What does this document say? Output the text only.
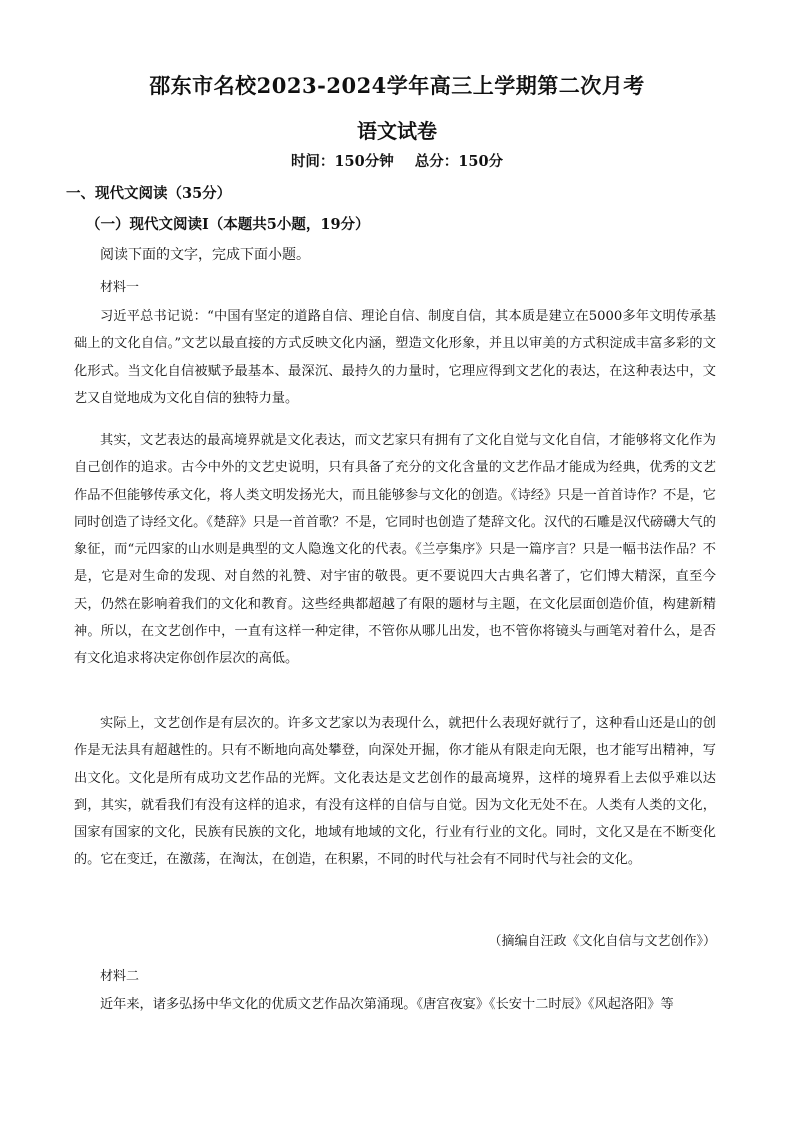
邵东市名校2023-2024学年高三上学期第二次月考
语文试卷
时间：150分钟 总分：150分
一、现代文阅读（35分）
（一）现代文阅读Ⅰ（本题共5小题，19分）
阅读下面的文字，完成下面小题。
材料一
习近平总书记说：“中国有坚定的道路自信、理论自信、制度自信，其本质是建立在5000多年文明传承基础上的文化自信。”文艺以最直接的方式反映文化内涵，塑造文化形象，并且以审美的方式积淀成丰富多彩的文化形式。当文化自信被赋予最基本、最深沉、最持久的力量时，它理应得到文艺化的表达，在这种表达中，文艺又自觉地成为文化自信的独特力量。
其实，文艺表达的最高境界就是文化表达，而文艺家只有拥有了文化自觉与文化自信，才能够将文化作为自己创作的追求。古今中外的文艺史说明，只有具备了充分的文化含量的文艺作品才能成为经典，优秀的文艺作品不但能够传承文化，将人类文明发扬光大，而且能够参与文化的创造。《诗经》只是一首首诗作？不是，它同时创造了诗经文化。《楚辞》只是一首首歌？不是，它同时也创造了楚辞文化。汉代的石雕是汉代磅礴大气的象征，而“元四家的山水则是典型的文人隐逸文化的代表。《兰亭集序》只是一篇序言？只是一幅书法作品？不是，它是对生命的发现、对自然的礼赞、对宇宙的敬畏。更不要说四大古典名著了，它们博大精深，直至今天，仍然在影响着我们的文化和教育。这些经典都超越了有限的题材与主题，在文化层面创造价值，构建新精神。所以，在文艺创作中，一直有这样一种定律，不管你从哪儿出发，也不管你将镜头与画笔对着什么，是否有文化追求将决定你创作层次的高低。
实际上，文艺创作是有层次的。许多文艺家以为表现什么，就把什么表现好就行了，这种看山还是山的创作是无法具有超越性的。只有不断地向高处攀登，向深处开掘，你才能从有限走向无限，也才能写出精神，写出文化。文化是所有成功文艺作品的光辉。文化表达是文艺创作的最高境界，这样的境界看上去似乎难以达到，其实，就看我们有没有这样的追求，有没有这样的自信与自觉。因为文化无处不在。人类有人类的文化，国家有国家的文化，民族有民族的文化，地域有地域的文化，行业有行业的文化。同时，文化又是在不断变化的。它在变迁，在激荡，在淘汰，在创造，在积累，不同的时代与社会有不同时代与社会的文化。
（摘编自汪政《文化自信与文艺创作》）
材料二
近年来，诸多弘扬中华文化的优质文艺作品次第涌现。《唐宫夜宴》《长安十二时辰》《风起洛阳》等
